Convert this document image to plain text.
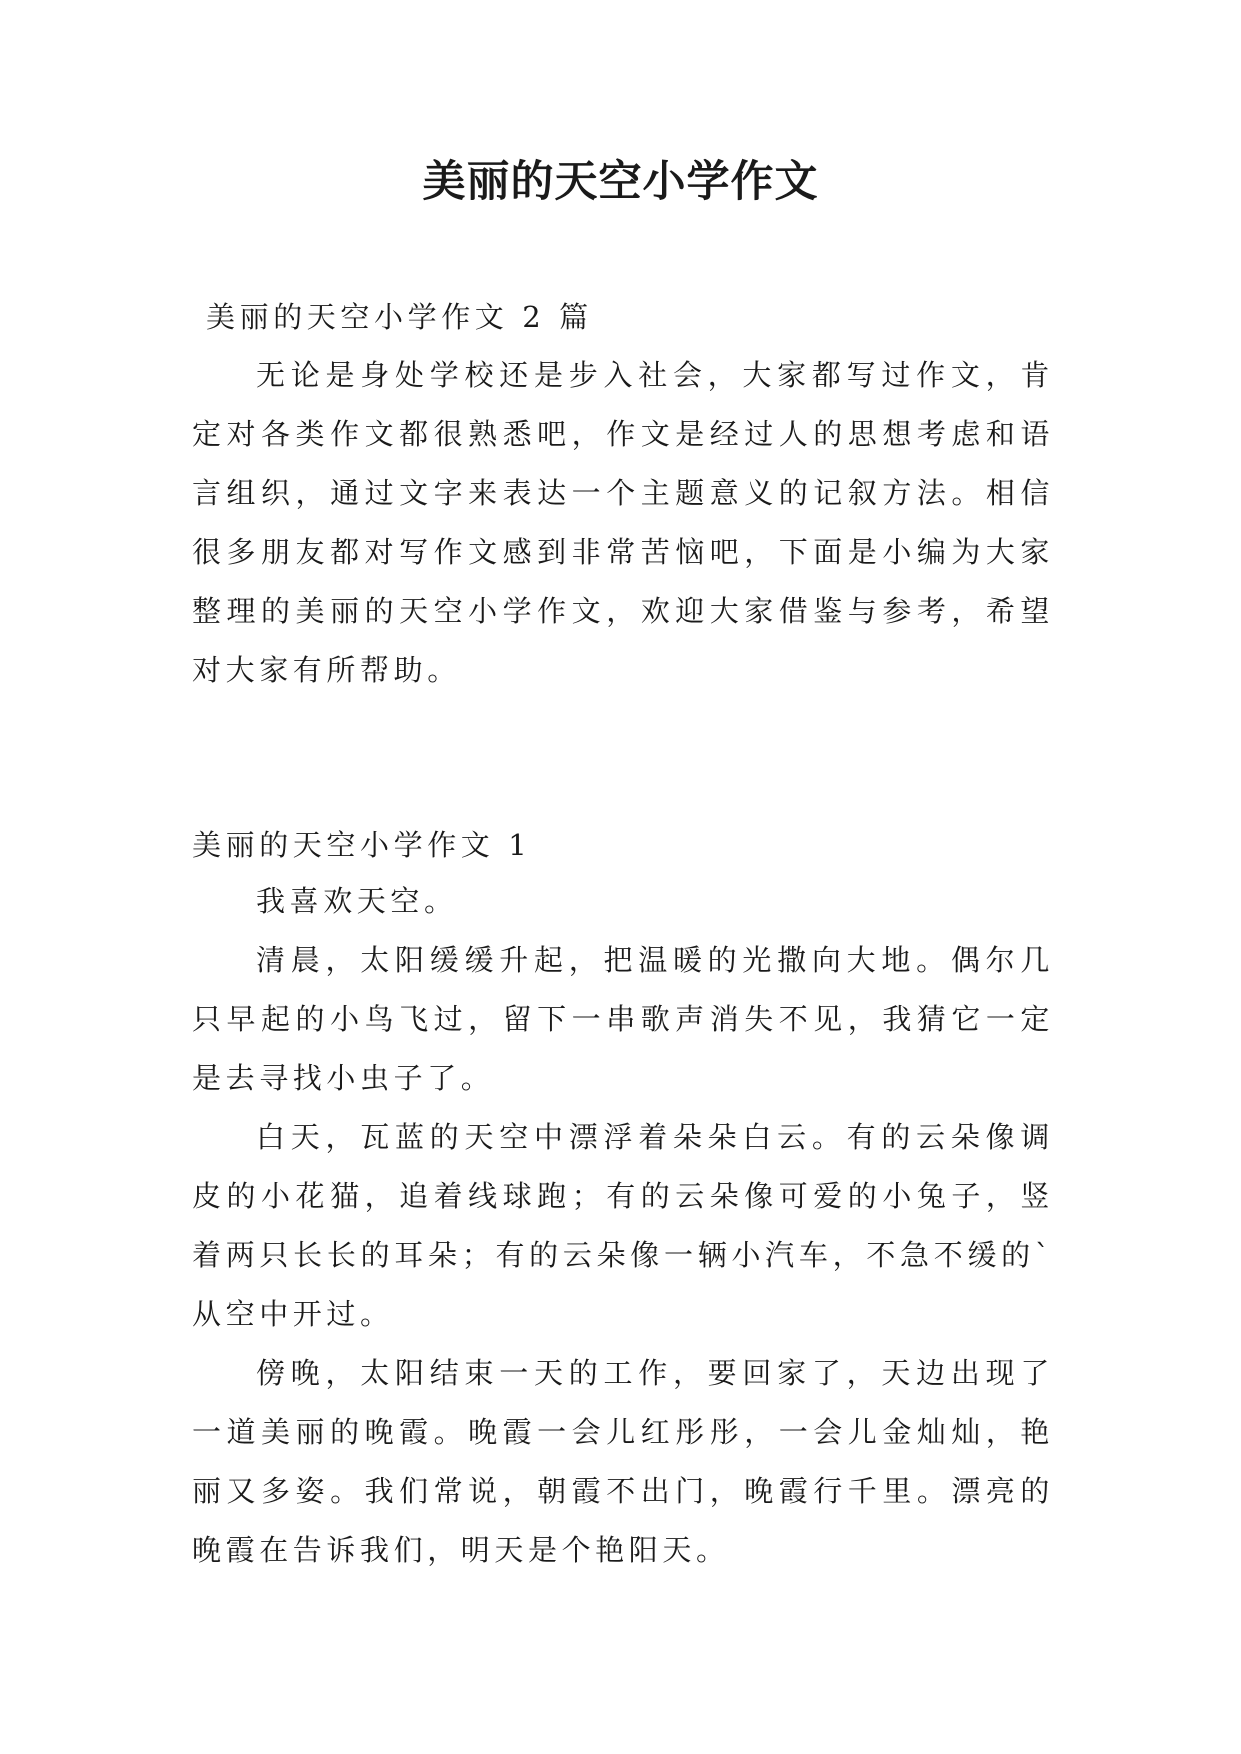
美丽的天空小学作文

美丽的天空小学作文 2 篇

无论是身处学校还是步入社会，大家都写过作文，肯定对各类作文都很熟悉吧，作文是经过人的思想考虑和语言组织，通过文字来表达一个主题意义的记叙方法。相信很多朋友都对写作文感到非常苦恼吧，下面是小编为大家整理的美丽的天空小学作文，欢迎大家借鉴与参考，希望对大家有所帮助。

美丽的天空小学作文 1

我喜欢天空。

清晨，太阳缓缓升起，把温暖的光撒向大地。偶尔几只早起的小鸟飞过，留下一串歌声消失不见，我猜它一定是去寻找小虫子了。

白天，瓦蓝的天空中漂浮着朵朵白云。有的云朵像调皮的小花猫，追着线球跑；有的云朵像可爱的小兔子，竖着两只长长的耳朵；有的云朵像一辆小汽车，不急不缓的`从空中开过。

傍晚，太阳结束一天的工作，要回家了，天边出现了一道美丽的晚霞。晚霞一会儿红彤彤，一会儿金灿灿，艳丽又多姿。我们常说，朝霞不出门，晚霞行千里。漂亮的晚霞在告诉我们，明天是个艳阳天。
